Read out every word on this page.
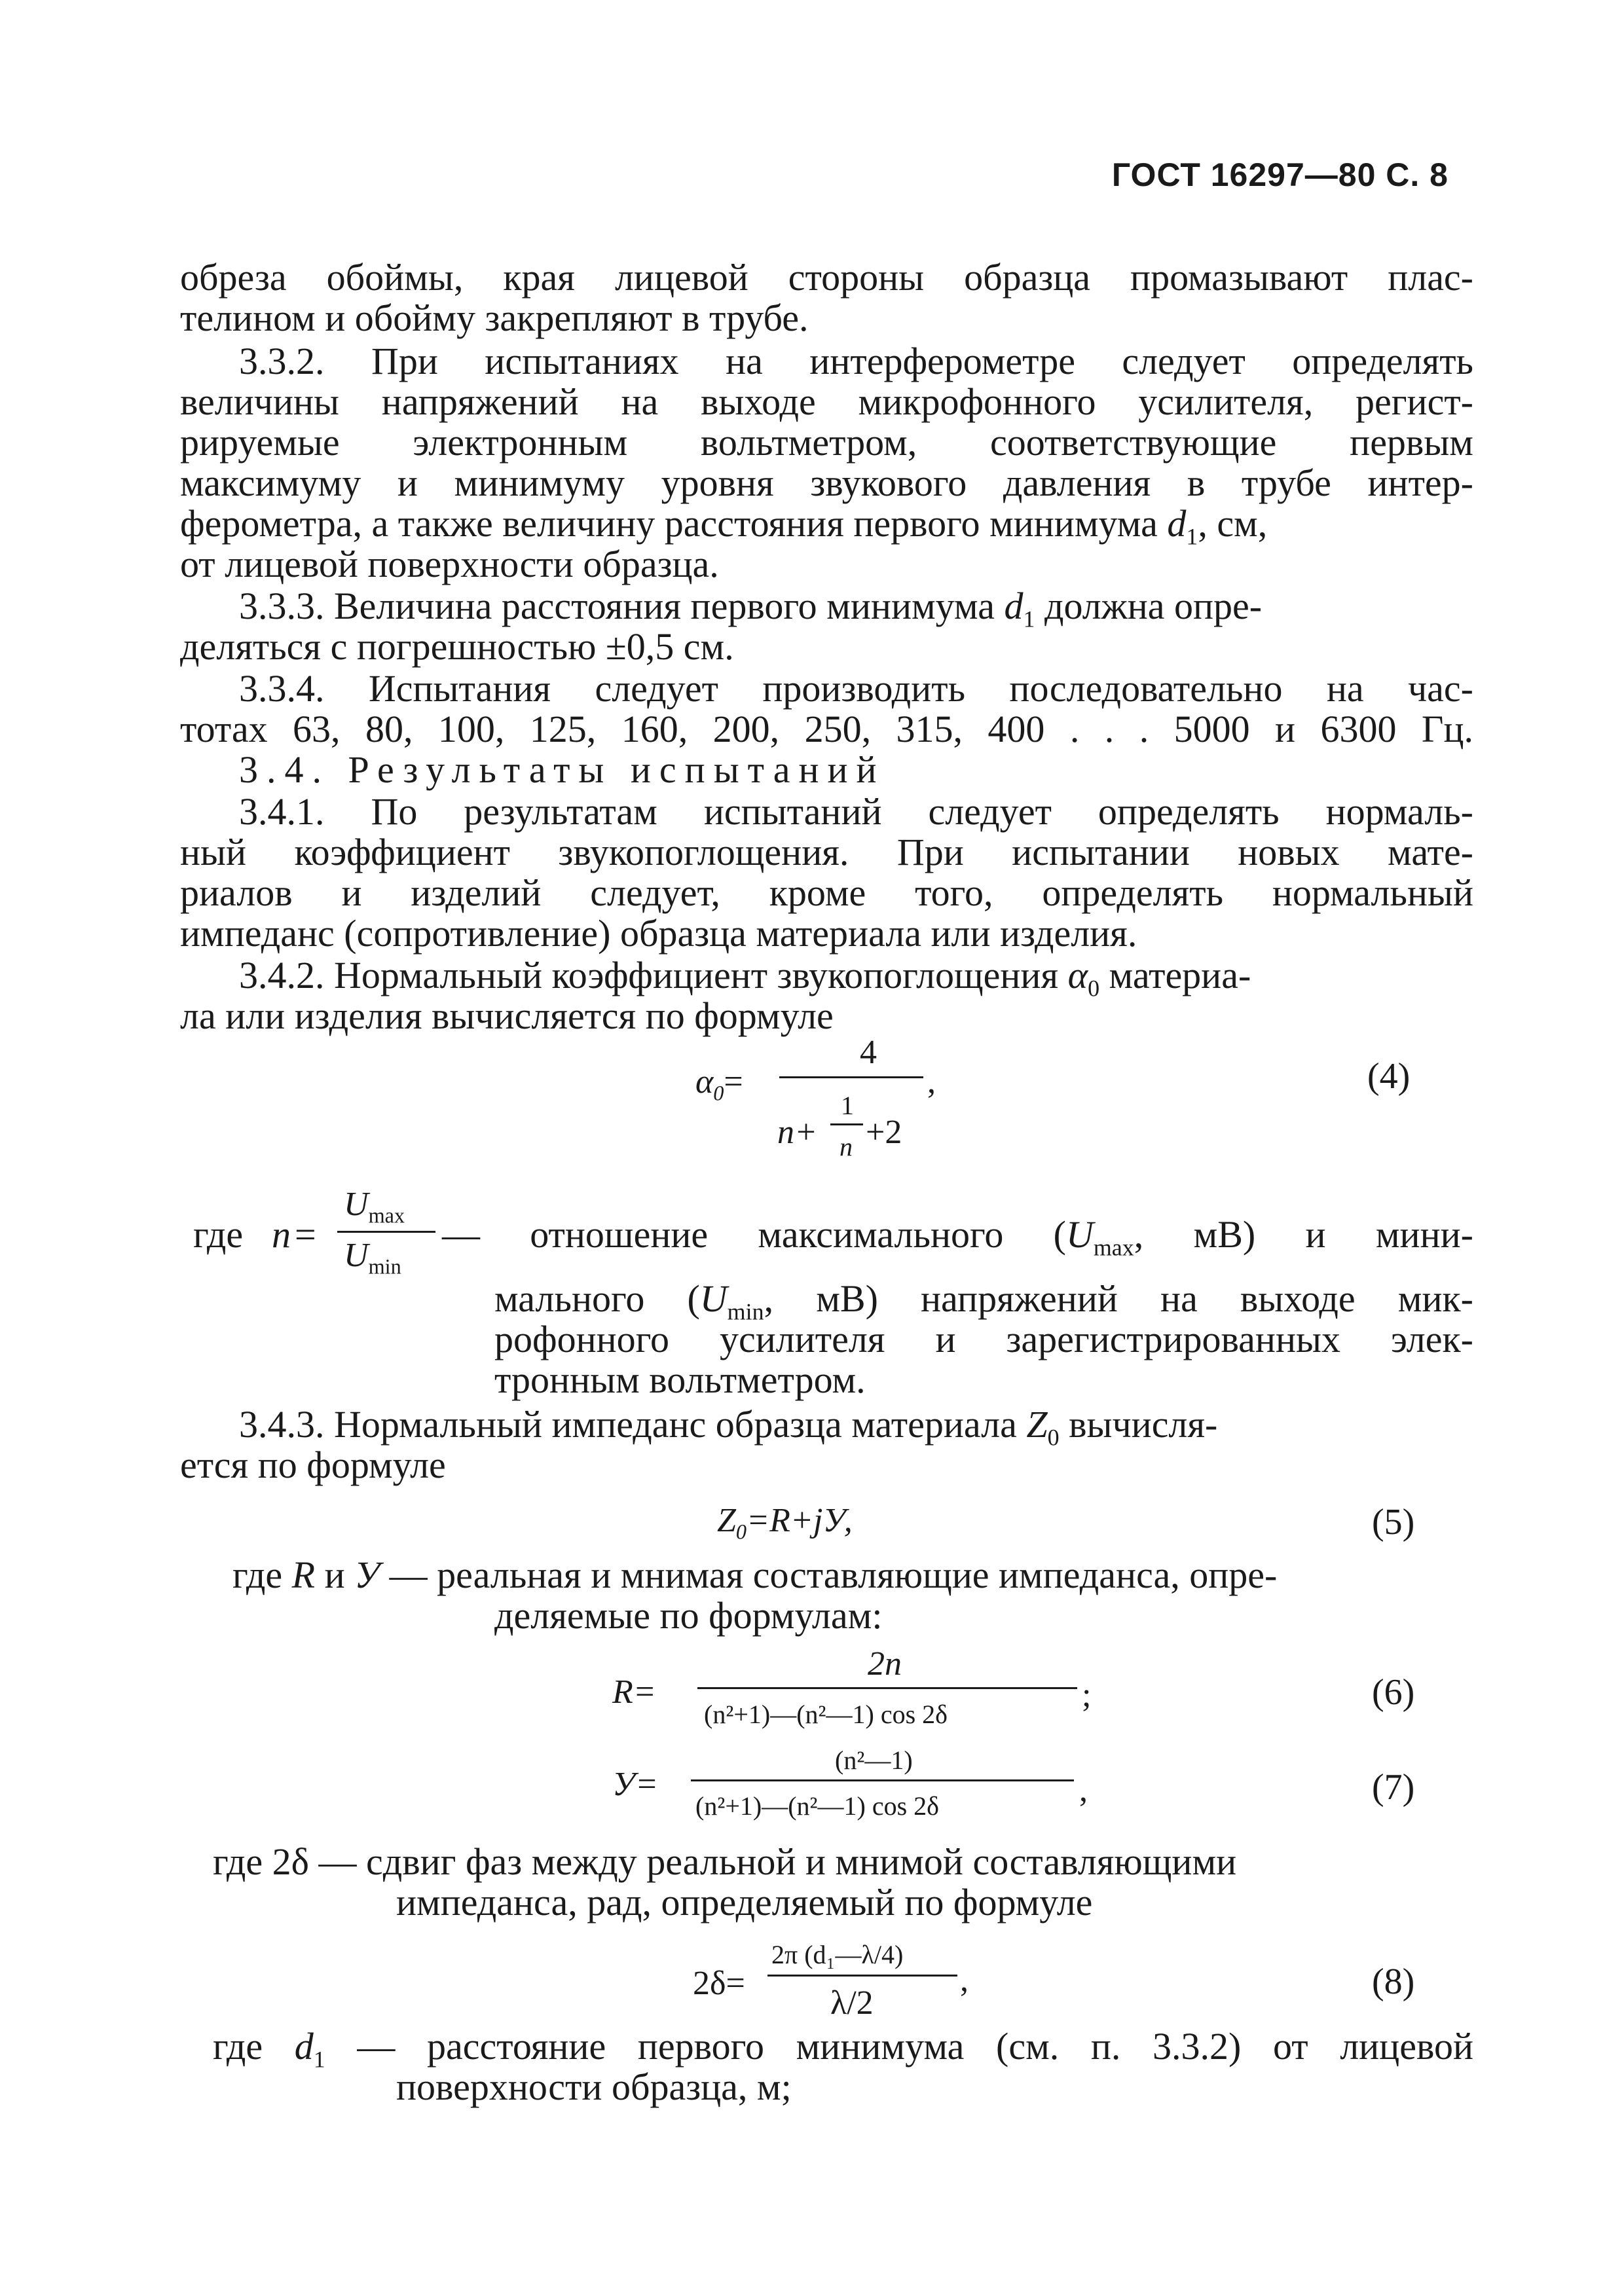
ГОСТ 16297—80 С. 8
обреза обоймы, края лицевой стороны образца промазывают плас-
телином и обойму закрепляют в трубе.
3.3.2. При испытаниях на интерферометре следует определять
величины напряжений на выходе микрофонного усилителя, регист-
рируемые электронным вольтметром, соответствующие первым
максимуму и минимуму уровня звукового давления в трубе интер-
ферометра, а также величину расстояния первого минимума $d_1$, см,
от лицевой поверхности образца.
3.3.3. Величина расстояния первого минимума $d_1$ должна опре-
деляться с погрешностью ±0,5 см.
3.3.4. Испытания следует производить последовательно на час-
тотах 63, 80, 100, 125, 160, 200, 250, 315, 400 . . . 5000 и 6300 Гц.
3.4. Результаты испытаний
3.4.1. По результатам испытаний следует определять нормаль-
ный коэффициент звукопоглощения. При испытании новых мате-
риалов и изделий следует, кроме того, определять нормальный
импеданс (сопротивление) образца материала или изделия.
3.4.2. Нормальный коэффициент звукопоглощения $\alpha_0$ материа-
ла или изделия вычисляется по формуле
$\alpha_0=$
4
,
n+
1
n +2
(4)
где n =
$U_{max}$
$U_{min}$
— отношение максимального ($U_{max}$, мВ) и мини-
мального ($U_{min}$, мВ) напряжений на выходе мик-
рофонного усилителя и зарегистрированных элек-
тронным вольтметром.
3.4.3. Нормальный импеданс образца материала $Z_0$ вычисля-
ется по формуле
$Z_0=R+jУ$,	(5)
где R и У — реальная и мнимая составляющие импеданса, опре-
деляемые по формулам:
R=
2n
(n²+1)—(n²—1) cos 2δ
;	(6)
У=
(n²—1)
(n²+1)—(n²—1) cos 2δ	,	(7)
где 2δ — сдвиг фаз между реальной и мнимой составляющими
импеданса, рад, определяемый по формуле
2δ=
2π (d₁—λ/4)
λ/2
,	(8)
где $d_1$ — расстояние первого минимума (см. п. 3.3.2) от лицевой
поверхности образца, м;
